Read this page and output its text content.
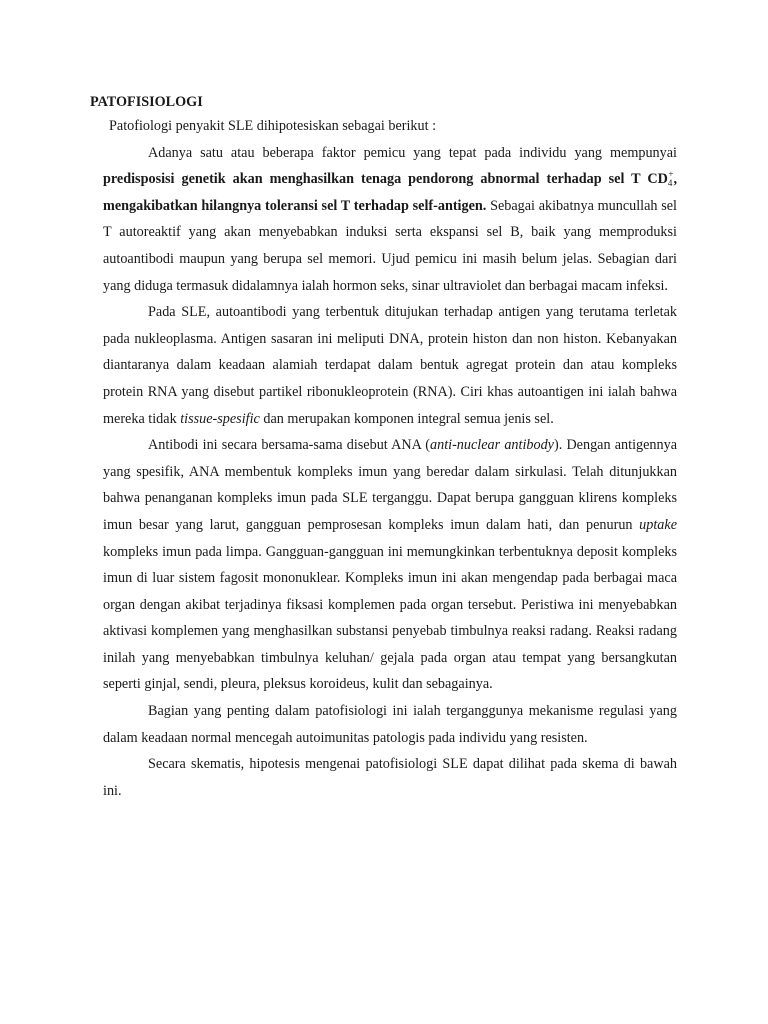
PATOFISIOLOGI

Patofiologi penyakit SLE dihipotesiskan sebagai berikut :

Adanya satu atau beberapa faktor pemicu yang tepat pada individu yang mempunyai predisposisi genetik akan menghasilkan tenaga pendorong abnormal terhadap sel T $CD_4^+$, mengakibatkan hilangnya toleransi sel T terhadap self-antigen. Sebagai akibatnya muncullah sel T autoreaktif yang akan menyebabkan induksi serta ekspansi sel B, baik yang memproduksi autoantibodi maupun yang berupa sel memori. Ujud pemicu ini masih belum jelas. Sebagian dari yang diduga termasuk didalamnya ialah hormon seks, sinar ultraviolet dan berbagai macam infeksi.

Pada SLE, autoantibodi yang terbentuk ditujukan terhadap antigen yang terutama terletak pada nukleoplasma. Antigen sasaran ini meliputi DNA, protein histon dan non histon. Kebanyakan diantaranya dalam keadaan alamiah terdapat dalam bentuk agregat protein dan atau kompleks protein RNA yang disebut partikel ribonukleoprotein (RNA). Ciri khas autoantigen ini ialah bahwa mereka tidak tissue-spesific dan merupakan komponen integral semua jenis sel.

Antibodi ini secara bersama-sama disebut ANA (anti-nuclear antibody). Dengan antigennya yang spesifik, ANA membentuk kompleks imun yang beredar dalam sirkulasi. Telah ditunjukkan bahwa penanganan kompleks imun pada SLE terganggu. Dapat berupa gangguan klirens kompleks imun besar yang larut, gangguan pemprosesan kompleks imun dalam hati, dan penurun uptake kompleks imun pada limpa. Gangguan-gangguan ini memungkinkan terbentuknya deposit kompleks imun di luar sistem fagosit mononuklear. Kompleks imun ini akan mengendap pada berbagai maca organ dengan akibat terjadinya fiksasi komplemen pada organ tersebut. Peristiwa ini menyebabkan aktivasi komplemen yang menghasilkan substansi penyebab timbulnya reaksi radang. Reaksi radang inilah yang menyebabkan timbulnya keluhan/ gejala pada organ atau tempat yang bersangkutan seperti ginjal, sendi, pleura, pleksus koroideus, kulit dan sebagainya.

Bagian yang penting dalam patofisiologi ini ialah terganggunya mekanisme regulasi yang dalam keadaan normal mencegah autoimunitas patologis pada individu yang resisten.

Secara skematis, hipotesis mengenai patofisiologi SLE dapat dilihat pada skema di bawah ini.
